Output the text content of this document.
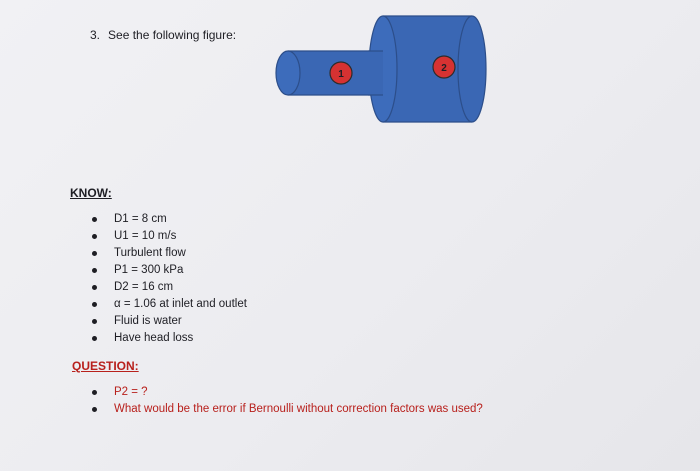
3. See the following figure:
1
2
KNOW:
D1 = 8 cm
U1 = 10 m/s
Turbulent flow
P1 = 300 kPa
D2 = 16 cm
α = 1.06 at inlet and outlet
Fluid is water
Have head loss
QUESTION:
P2 = ?
What would be the error if Bernoulli without correction factors was used?
